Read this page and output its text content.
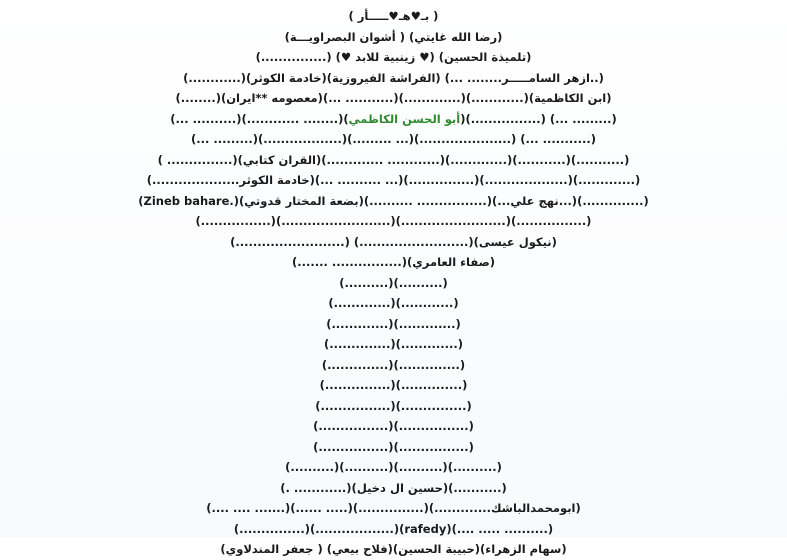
( بـ♥هـ♥ـــــأر )
(رضا الله غايتي) ( أشوان البصراويـــة)
(تلميذة الحسين) (♥ زينبية للابد ♥) (...............)
(..ازهر السامـــــر........ ...) (الفراشة الفيروزية)(خادمة الكوثر)(............)
(ابن الكاظمية)(............)(.............)(........... ...)(معصومه **ايران)(........)
(......... ...) (................)(أبو الحسن الكاظمي)(........ ............)(.......... ...)
(... .........)(..................)(......... ...)(.....................) (... ...........)
(...........)(...........)(.............)(............ .............)(القران كتابي)(............... )
(.............)(...................)(...............)(... .......... ...)(خادمة الكوثر....................)
(Zineb bahare.)(بضعة المختار قدوتي)(.......... ................)(...نهج علي...)(..............)
(................)(.........................)(........................)(................)
(نيكول عيسى)(.........................) (.........................)
(صفاء العامري)(................ .......)
(..........)(..........)
(.............)(............)
(.............)(.............)
(..............)(.............)
(..............)(..............)
(...............)(..............)
(................)(...............)
(................)(................)
(................)(................)
(..........)(..........)(..........)(..........)
(...........)(حسين ال دخيل)(............ .)
(ابومحمدالباشك.............)(...............)(..... ......)(....... .... ....)
(...............)(..................)(rafedy)(.... ..... ..........)
(سهام الزهراء)(حبيبة الحسين)(فلاح بيعي) ( جعفر المندلاوي)
